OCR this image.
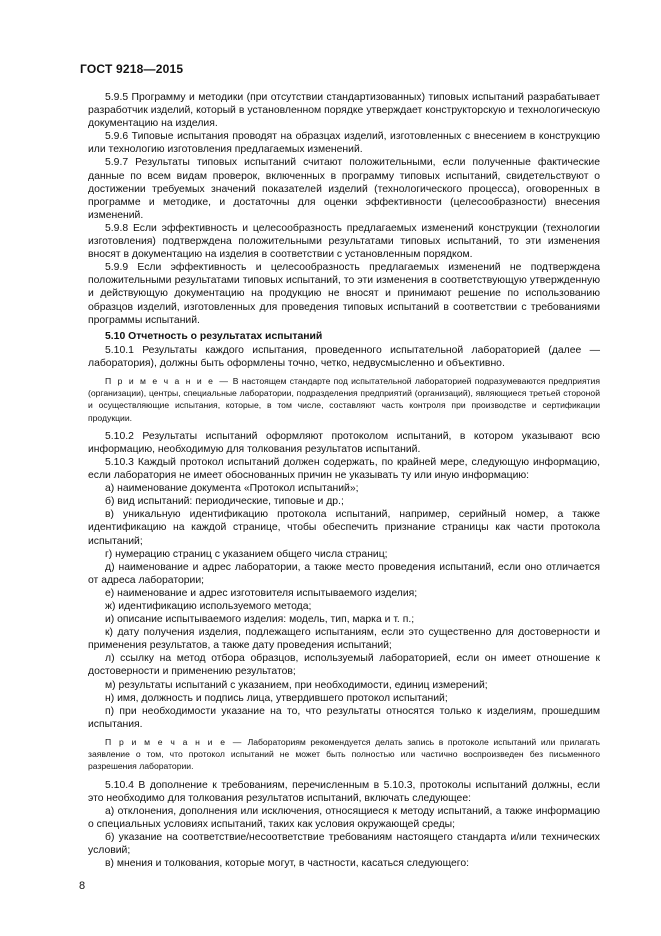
ГОСТ 9218—2015

5.9.5 Программу и методики (при отсутствии стандартизованных) типовых испытаний разрабатывает разработчик изделий, который в установленном порядке утверждает конструкторскую и технологическую документацию на изделия.

5.9.6 Типовые испытания проводят на образцах изделий, изготовленных с внесением в конструкцию или технологию изготовления предлагаемых изменений.

5.9.7 Результаты типовых испытаний считают положительными, если полученные фактические данные по всем видам проверок, включенных в программу типовых испытаний, свидетельствуют о достижении требуемых значений показателей изделий (технологического процесса), оговоренных в программе и методике, и достаточны для оценки эффективности (целесообразности) внесения изменений.

5.9.8 Если эффективность и целесообразность предлагаемых изменений конструкции (технологии изготовления) подтверждена положительными результатами типовых испытаний, то эти изменения вносят в документацию на изделия в соответствии с установленным порядком.

5.9.9 Если эффективность и целесообразность предлагаемых изменений не подтверждена положительными результатами типовых испытаний, то эти изменения в соответствующую утвержденную и действующую документацию на продукцию не вносят и принимают решение по использованию образцов изделий, изготовленных для проведения типовых испытаний в соответствии с требованиями программы испытаний.

5.10 Отчетность о результатах испытаний

5.10.1 Результаты каждого испытания, проведенного испытательной лабораторией (далее — лаборатория), должны быть оформлены точно, четко, недвусмысленно и объективно.

П р и м е ч а н и е — В настоящем стандарте под испытательной лабораторией подразумеваются предприятия (организации), центры, специальные лаборатории, подразделения предприятий (организаций), являющиеся третьей стороной и осуществляющие испытания, которые, в том числе, составляют часть контроля при производстве и сертификации продукции.

5.10.2 Результаты испытаний оформляют протоколом испытаний, в котором указывают всю информацию, необходимую для толкования результатов испытаний.

5.10.3 Каждый протокол испытаний должен содержать, по крайней мере, следующую информацию, если лаборатория не имеет обоснованных причин не указывать ту или иную информацию:

а) наименование документа «Протокол испытаний»;

б) вид испытаний: периодические, типовые и др.;

в) уникальную идентификацию протокола испытаний, например, серийный номер, а также идентификацию на каждой странице, чтобы обеспечить признание страницы как части протокола испытаний;

г) нумерацию страниц с указанием общего числа страниц;

д) наименование и адрес лаборатории, а также место проведения испытаний, если оно отличается от адреса лаборатории;

е) наименование и адрес изготовителя испытываемого изделия;

ж) идентификацию используемого метода;

и) описание испытываемого изделия: модель, тип, марка и т. п.;

к) дату получения изделия, подлежащего испытаниям, если это существенно для достоверности и применения результатов, а также дату проведения испытаний;

л) ссылку на метод отбора образцов, используемый лабораторией, если он имеет отношение к достоверности и применению результатов;

м) результаты испытаний с указанием, при необходимости, единиц измерений;

н) имя, должность и подпись лица, утвердившего протокол испытаний;

п) при необходимости указание на то, что результаты относятся только к изделиям, прошедшим испытания.

П р и м е ч а н и е — Лабораториям рекомендуется делать запись в протоколе испытаний или прилагать заявление о том, что протокол испытаний не может быть полностью или частично воспроизведен без письменного разрешения лаборатории.

5.10.4 В дополнение к требованиям, перечисленным в 5.10.3, протоколы испытаний должны, если это необходимо для толкования результатов испытаний, включать следующее:

а) отклонения, дополнения или исключения, относящиеся к методу испытаний, а также информацию о специальных условиях испытаний, таких как условия окружающей среды;

б) указание на соответствие/несоответствие требованиям настоящего стандарта и/или технических условий;

в) мнения и толкования, которые могут, в частности, касаться следующего:

8
